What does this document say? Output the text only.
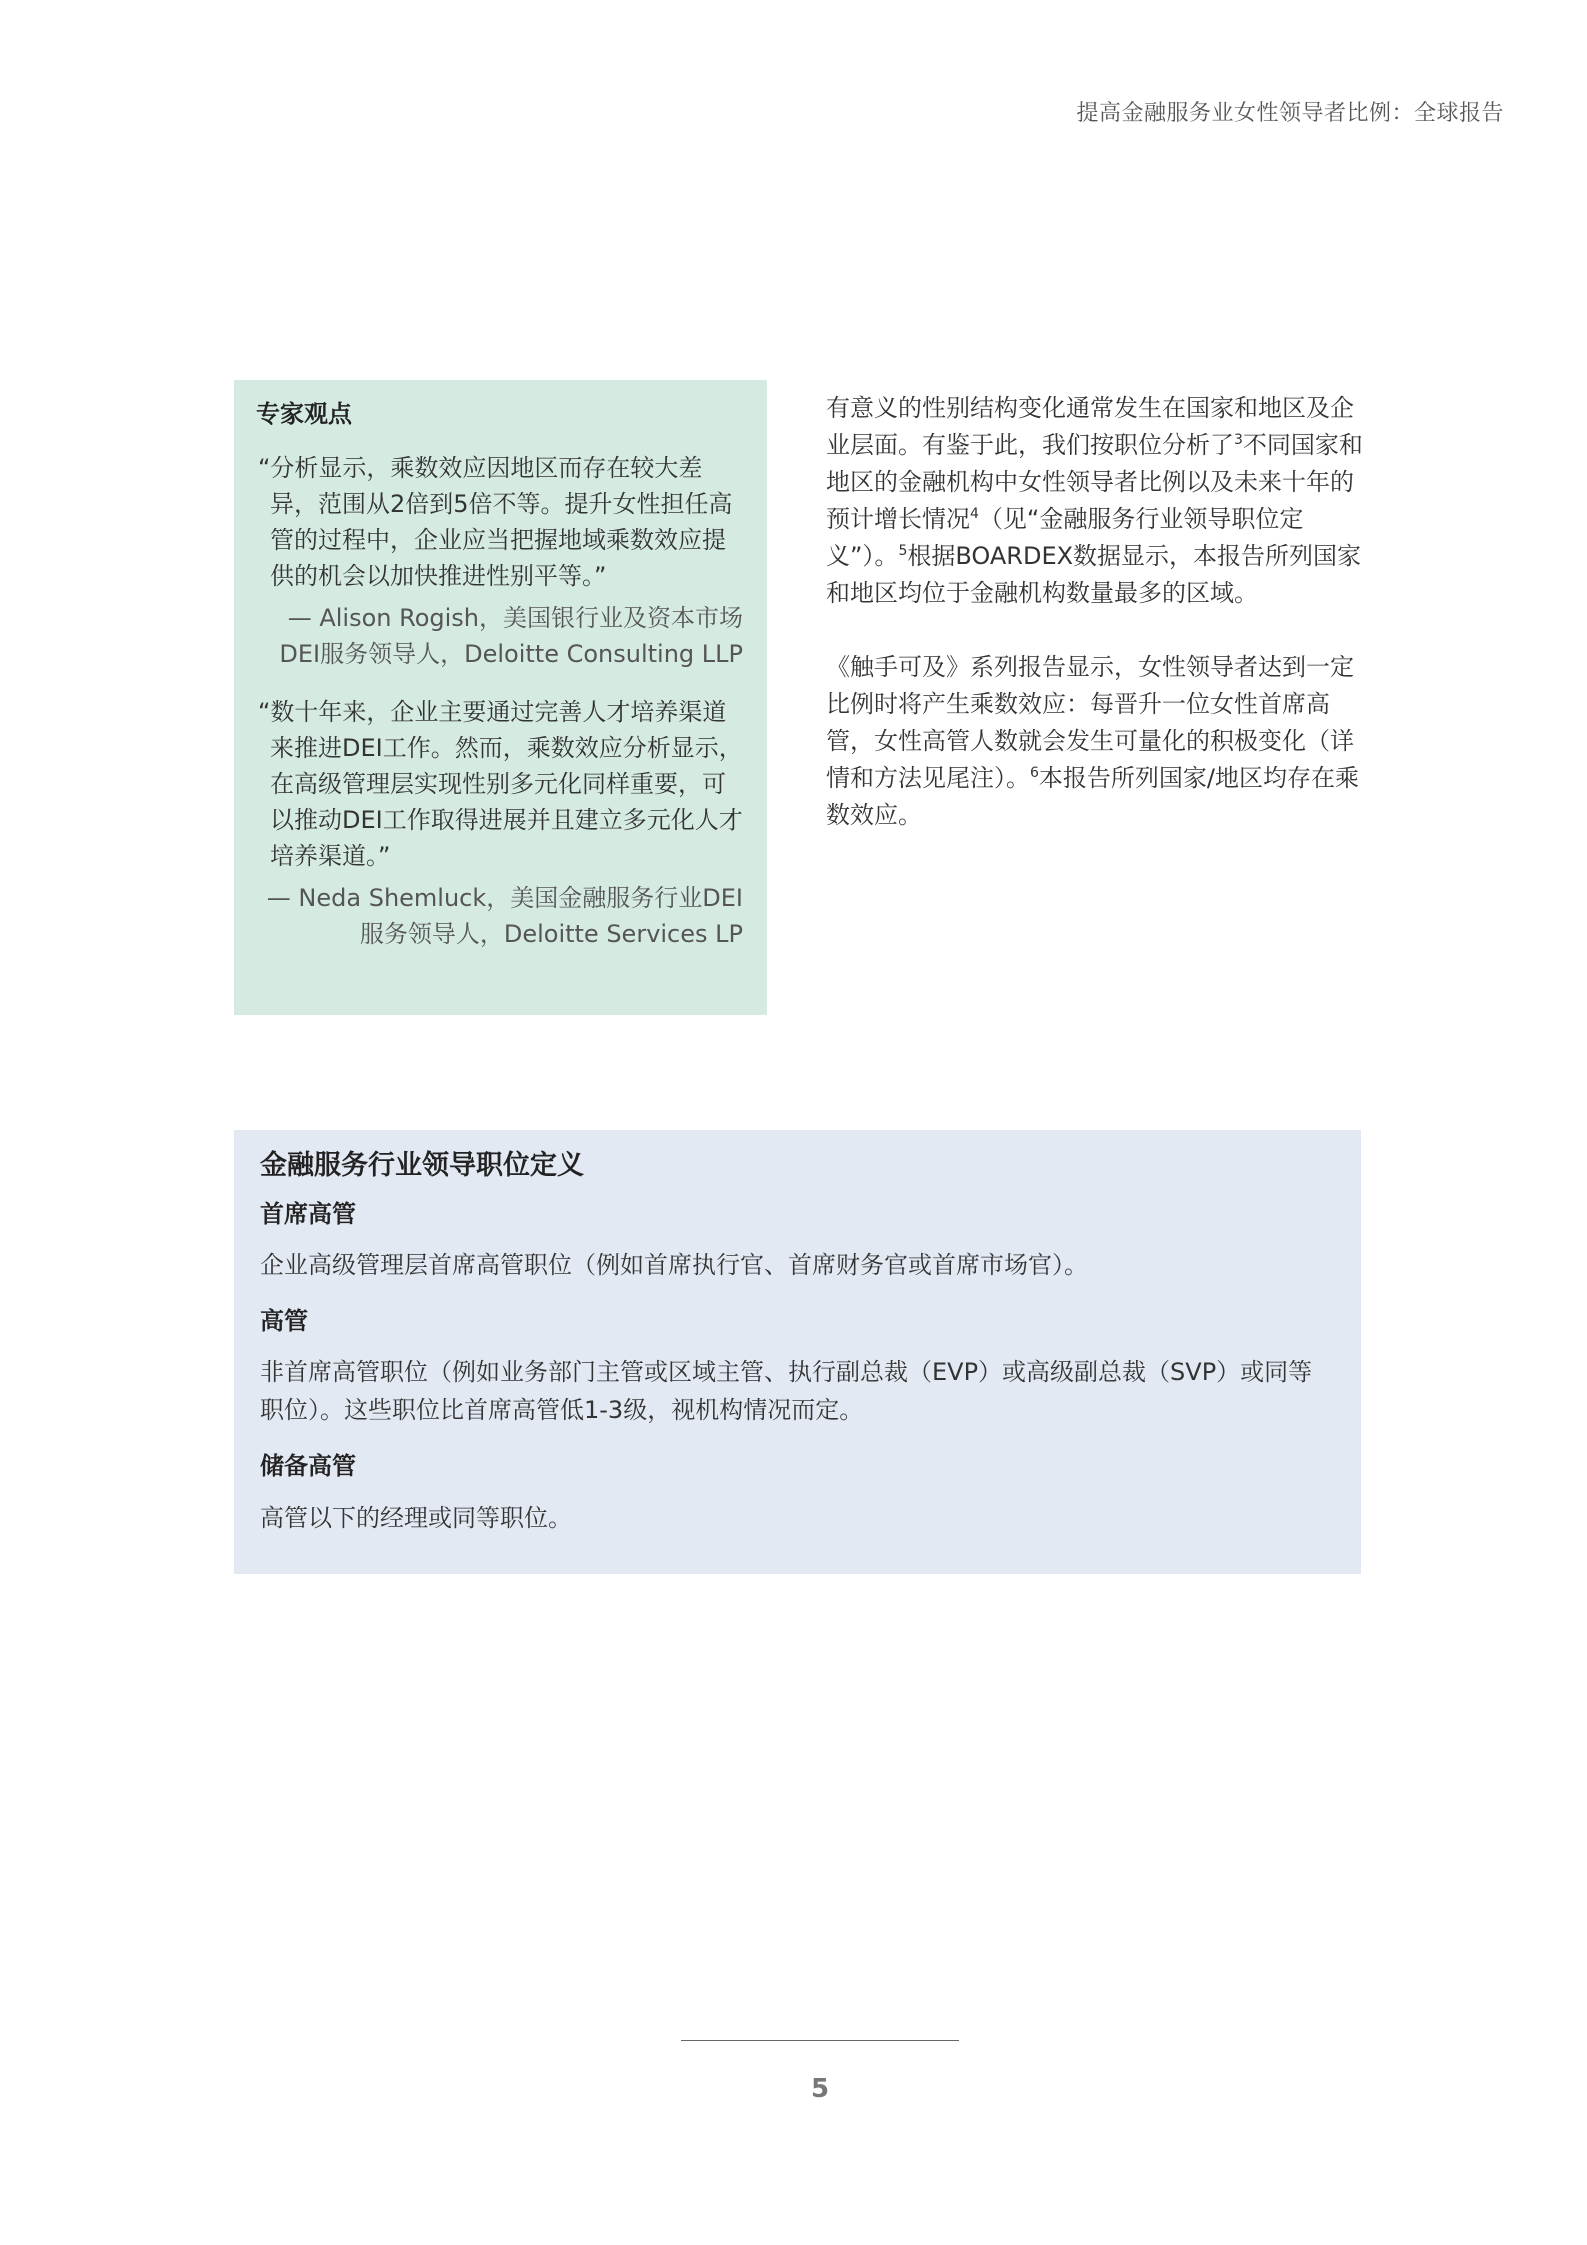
提高金融服务业女性领导者比例：全球报告
专家观点
“分析显示，乘数效应因地区而存在较大差异，范围从2倍到5倍不等。提升女性担任高管的过程中，企业应当把握地域乘数效应提供的机会以加快推进性别平等。”
— Alison Rogish，美国银行业及资本市场
DEI服务领导人，Deloitte Consulting LLP
“数十年来，企业主要通过完善人才培养渠道来推进DEI工作。然而，乘数效应分析显示，在高级管理层实现性别多元化同样重要，可以推动DEI工作取得进展并且建立多元化人才培养渠道。”
— Neda Shemluck，美国金融服务行业DEI
服务领导人，Deloitte Services LP

有意义的性别结构变化通常发生在国家和地区及企业层面。有鉴于此，我们按职位分析了$^3$不同国家和地区的金融机构中女性领导者比例以及未来十年的预计增长情况$^4$（见“金融服务行业领导职位定义”）。$^5$根据BOARDEX数据显示，本报告所列国家和地区均位于金融机构数量最多的区域。

《触手可及》系列报告显示，女性领导者达到一定比例时将产生乘数效应：每晋升一位女性首席高管，女性高管人数就会发生可量化的积极变化（详情和方法见尾注）。$^6$本报告所列国家/地区均存在乘数效应。

金融服务行业领导职位定义
首席高管
企业高级管理层首席高管职位（例如首席执行官、首席财务官或首席市场官）。
高管
非首席高管职位（例如业务部门主管或区域主管、执行副总裁（EVP）或高级副总裁（SVP）或同等职位）。这些职位比首席高管低1-3级，视机构情况而定。
储备高管
高管以下的经理或同等职位。
5
